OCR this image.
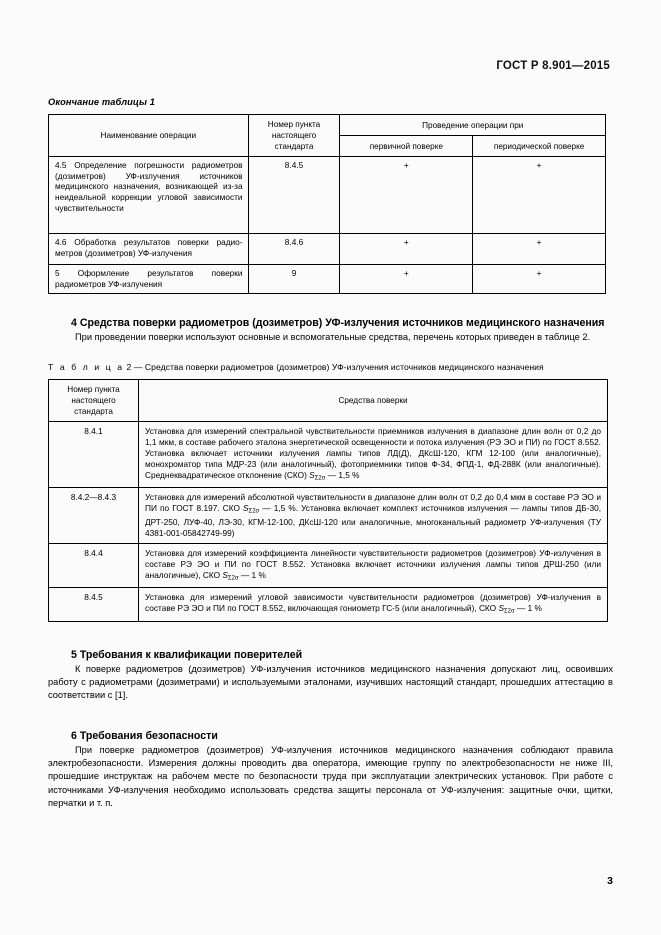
ГОСТ Р 8.901—2015
Окончание таблицы 1
Наименование операции	Номер пункта настоящего стандарта	Проведение операции при	
		первичной поверке	периодической поверке
4.5 Определение погрешности радиометров (дозиметров) УФ-излучения источников медицинского назначения, возникающей из-за неидеальной коррекции угловой зависимости чувствительности	8.4.5	+	+
4.6 Обработка результатов поверки радиометров (дозиметров) УФ-излучения	8.4.6	+	+
5 Оформление результатов поверки радиометров УФ-излучения	9	+	+
4 Средства поверки радиометров (дозиметров) УФ-излучения источников медицинского назначения

При проведении поверки используют основные и вспомогательные средства, перечень которых приведен в таблице 2.

Т а б л и ц а 2 — Средства поверки радиометров (дозиметров) УФ-излучения источников медицинского назначения
Номер пункта настоящего стандарта	Средства поверки
8.4.1	Установка для измерений спектральной чувствительности приемников излучения в диапазоне длин волн от 0,2 до 1,1 мкм, в составе рабочего эталона энергетической освещенности и потока излучения (РЭ ЭО и ПИ) по ГОСТ 8.552. Установка включает источники излучения лампы типов ЛД(Д), ДКсШ-120, КГМ 12-100 (или аналогичные), монохроматор типа МДР-23 (или аналогичный), фотоприемники типов Ф-34, ФПД-1, ФД-288К (или аналогичные). Среднеквадратическое отклонение (СКО) $S_{\Sigma 2\sigma}$ — 1,5 %
8.4.2—8.4.3	Установка для измерений абсолютной чувствительности в диапазоне длин волн от 0,2 до 0,4 мкм в составе РЭ ЭО и ПИ по ГОСТ 8.197. СКО $S_{\Sigma 2\sigma}$ — 1,5 %. Установка включает комплект источников излучения — лампы типов ДБ-30, ДРТ-250, ЛУФ-40, ЛЭ-30, КГМ-12-100, ДКсШ-120 или аналогичные, многоканальный радиометр УФ-излучения (ТУ 4381-001-05842749-99)
8.4.4	Установка для измерений коэффициента линейности чувствительности радиометров (дозиметров) УФ-излучения в составе РЭ ЭО и ПИ по ГОСТ 8.552. Установка включает источники излучения лампы типов ДРШ-250 (или аналогичные), СКО $S_{\Sigma 2\sigma}$ — 1 %
8.4.5	Установка для измерений угловой зависимости чувствительности радиометров (дозиметров) УФ-излучения в составе РЭ ЭО и ПИ по ГОСТ 8.552, включающая гониометр ГС-5 (или аналогичный), СКО $S_{\Sigma 2\sigma}$ — 1 %
5 Требования к квалификации поверителей

К поверке радиометров (дозиметров) УФ-излучения источников медицинского назначения допускают лиц, освоивших работу с радиометрами (дозиметрами) и используемыми эталонами, изучивших настоящий стандарт, прошедших аттестацию в соответствии с [1].

6 Требования безопасности

При поверке радиометров (дозиметров) УФ-излучения источников медицинского назначения соблюдают правила электробезопасности. Измерения должны проводить два оператора, имеющие группу по электробезопасности не ниже III, прошедшие инструктаж на рабочем месте по безопасности труда при эксплуатации электрических установок. При работе с источниками УФ-излучения необходимо использовать средства защиты персонала от УФ-излучения: защитные очки, щитки, перчатки и т. п.

3
